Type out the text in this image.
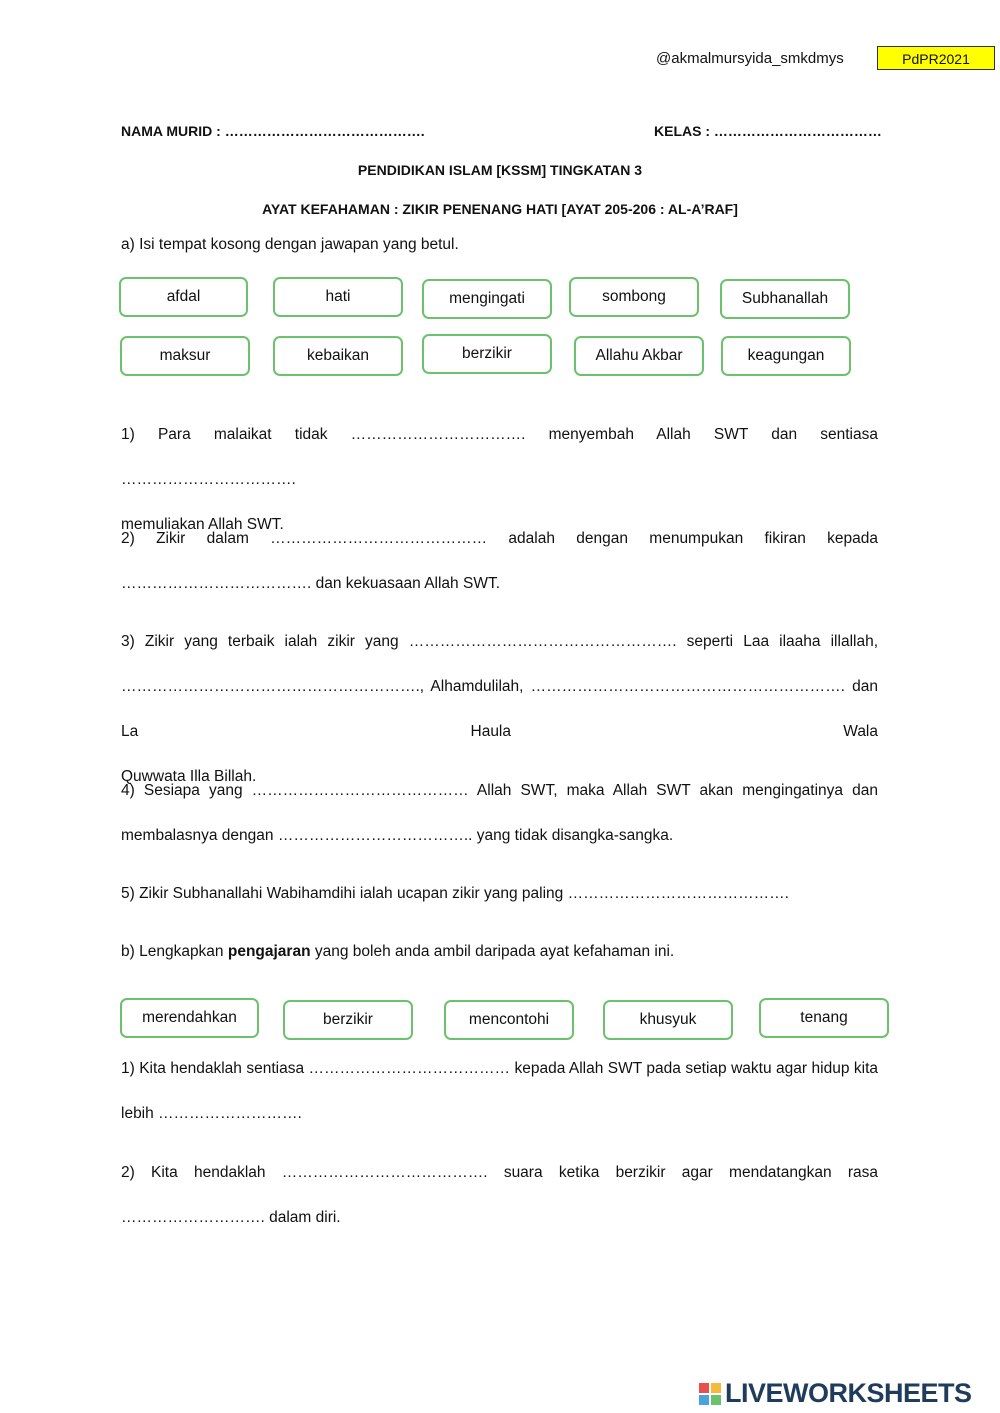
@akmalmursyida_smkdmys	PdPR2021
NAMA MURID : …………………………………….	KELAS : ………………………………
PENDIDIKAN ISLAM [KSSM] TINGKATAN 3
AYAT KEFAHAMAN : ZIKIR PENENANG HATI [AYAT 205-206 : AL-A’RAF]
a) Isi tempat kosong dengan jawapan yang betul.
afdal	hati	mengingati	sombong	Subhanallah
maksur	kebaikan	berzikir	Allahu Akbar	keagungan
1) Para malaikat tidak ……………………………. menyembah Allah SWT dan sentiasa …………………………….
memuliakan Allah SWT.
2) Zikir dalam …………………………………… adalah dengan menumpukan fikiran kepada
………………………………. dan kekuasaan Allah SWT.
3) Zikir yang terbaik ialah zikir yang ……………………………………………. seperti Laa ilaaha illallah,
…………………………………………………., Alhamdulilah, ……………………………………………………. dan La Haula Wala
Quwwata Illa Billah.
4) Sesiapa yang …………………………………… Allah SWT, maka Allah SWT akan mengingatinya dan
membalasnya dengan ……………………………….. yang tidak disangka-sangka.
5) Zikir Subhanallahi Wabihamdihi ialah ucapan zikir yang paling …………………………………….
b) Lengkapkan pengajaran yang boleh anda ambil daripada ayat kefahaman ini.
merendahkan	berzikir	mencontohi	khusyuk	tenang
1) Kita hendaklah sentiasa ………………………………… kepada Allah SWT pada setiap waktu agar hidup kita
lebih ……………………….
2) Kita hendaklah …………………………………. suara ketika berzikir agar mendatangkan rasa
………………………. dalam diri.
LIVEWORKSHEETS
